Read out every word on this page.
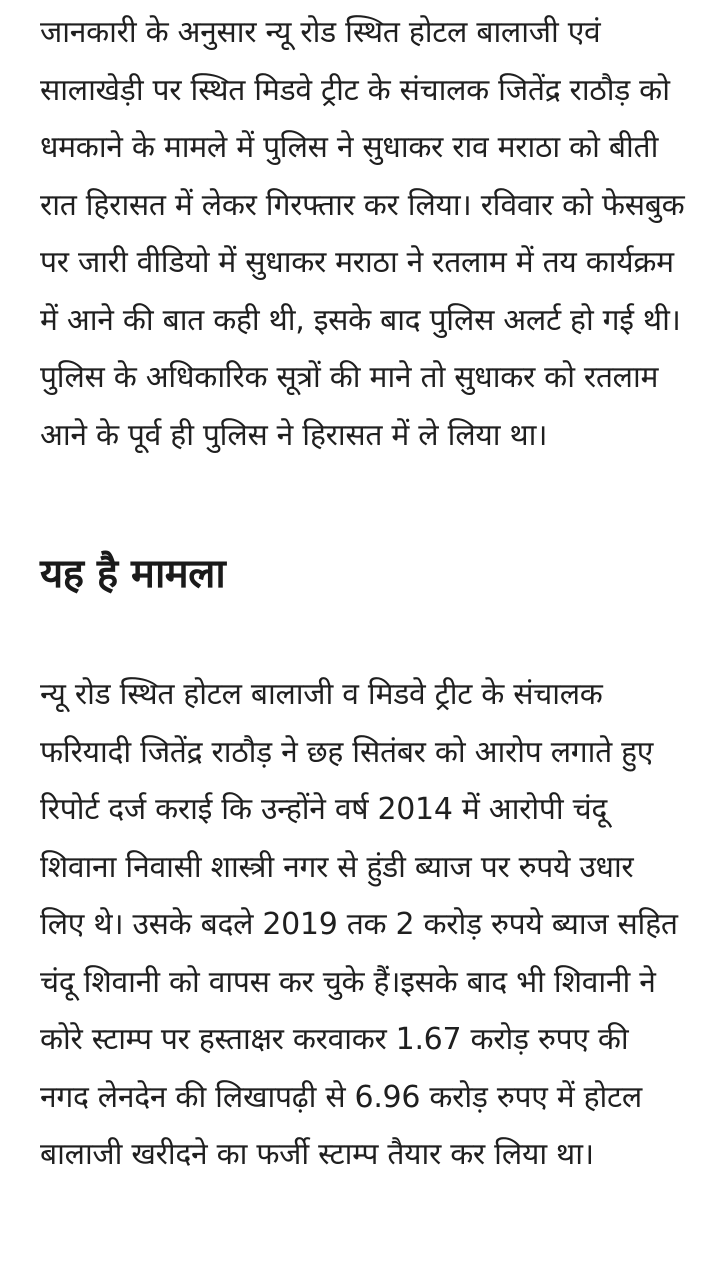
जानकारी के अनुसार न्यू रोड स्थित होटल बालाजी एवं सालाखेड़ी पर स्थित मिडवे ट्रीट के संचालक जितेंद्र राठौड़ को धमकाने के मामले में पुलिस ने सुधाकर राव मराठा को बीती रात हिरासत में लेकर गिरफ्तार कर लिया। रविवार को फेसबुक पर जारी वीडियो में सुधाकर मराठा ने रतलाम में तय कार्यक्रम में आने की बात कही थी, इसके बाद पुलिस अलर्ट हो गई थी। पुलिस के अधिकारिक सूत्रों की माने तो सुधाकर को रतलाम आने के पूर्व ही पुलिस ने हिरासत में ले लिया था।

यह है मामला

न्यू रोड स्थित होटल बालाजी व मिडवे ट्रीट के संचालक फरियादी जितेंद्र राठौड़ ने छह सितंबर को आरोप लगाते हुए रिपोर्ट दर्ज कराई कि उन्होंने वर्ष 2014 में आरोपी चंदू शिवाना निवासी शास्त्री नगर से हुंडी ब्याज पर रुपये उधार लिए थे। उसके बदले 2019 तक 2 करोड़ रुपये ब्याज सहित चंदू शिवानी को वापस कर चुके हैं।इसके बाद भी शिवानी ने कोरे स्टाम्प पर हस्ताक्षर करवाकर 1.67 करोड़ रुपए की नगद लेनदेन की लिखापढ़ी से 6.96 करोड़ रुपए में होटल बालाजी खरीदने का फर्जी स्टाम्प तैयार कर लिया था।
